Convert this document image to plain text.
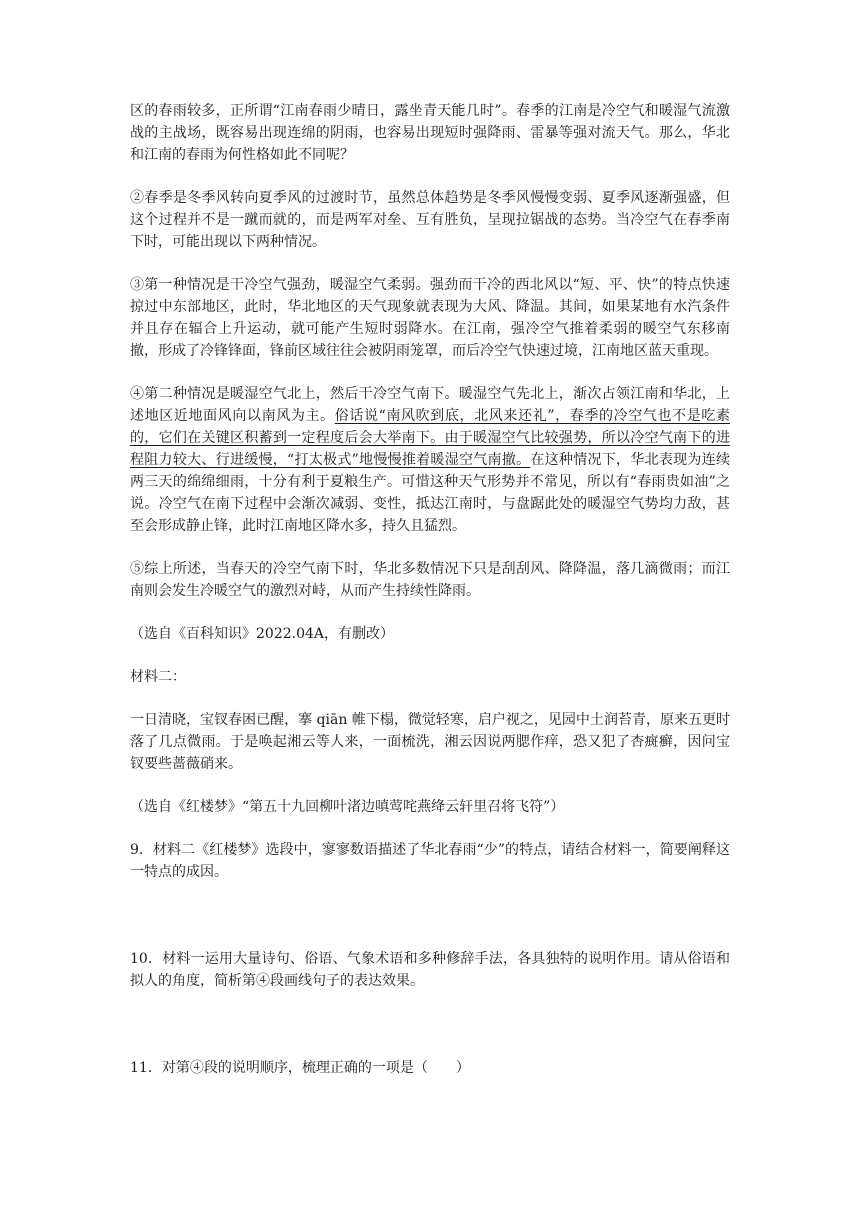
区的春雨较多，正所谓“江南春雨少晴日，露坐青天能几时”。春季的江南是冷空气和暖湿气流激战的主战场，既容易出现连绵的阴雨，也容易出现短时强降雨、雷暴等强对流天气。那么，华北和江南的春雨为何性格如此不同呢？

②春季是冬季风转向夏季风的过渡时节，虽然总体趋势是冬季风慢慢变弱、夏季风逐渐强盛，但这个过程并不是一蹴而就的，而是两军对垒、互有胜负，呈现拉锯战的态势。当冷空气在春季南下时，可能出现以下两种情况。

③第一种情况是干冷空气强劲，暖湿空气柔弱。强劲而干冷的西北风以“短、平、快”的特点快速掠过中东部地区，此时，华北地区的天气现象就表现为大风、降温。其间，如果某地有水汽条件并且存在辐合上升运动，就可能产生短时弱降水。在江南，强冷空气推着柔弱的暖空气东移南撤，形成了冷锋锋面，锋前区域往往会被阴雨笼罩，而后冷空气快速过境，江南地区蓝天重现。

④第二种情况是暖湿空气北上，然后干冷空气南下。暖湿空气先北上，渐次占领江南和华北，上述地区近地面风向以南风为主。俗话说“南风吹到底，北风来还礼”，春季的冷空气也不是吃素的，它们在关键区积蓄到一定程度后会大举南下。由于暖湿空气比较强势，所以冷空气南下的进程阻力较大、行进缓慢，“打太极式”地慢慢推着暖湿空气南撤。在这种情况下，华北表现为连续两三天的绵绵细雨，十分有利于夏粮生产。可惜这种天气形势并不常见，所以有“春雨贵如油”之说。冷空气在南下过程中会渐次减弱、变性，抵达江南时，与盘踞此处的暖湿空气势均力敌，甚至会形成静止锋，此时江南地区降水多，持久且猛烈。

⑤综上所述，当春天的冷空气南下时，华北多数情况下只是刮刮风、降降温，落几滴微雨；而江南则会发生冷暖空气的激烈对峙，从而产生持续性降雨。

（选自《百科知识》2022.04A，有删改）

材料二：

一日清晓，宝钗春困已醒，搴 qiān 帷下榻，微觉轻寒，启户视之，见园中土润苔青，原来五更时落了几点微雨。于是唤起湘云等人来，一面梳洗，湘云因说两腮作痒，恐又犯了杏癍癣，因问宝钗要些蔷薇硝来。

（选自《红楼梦》“第五十九回柳叶渚边嗔莺咤燕绛云轩里召将飞符”）

9．材料二《红楼梦》选段中，寥寥数语描述了华北春雨“少”的特点，请结合材料一，简要阐释这一特点的成因。

10．材料一运用大量诗句、俗语、气象术语和多种修辞手法，各具独特的说明作用。请从俗语和拟人的角度，简析第④段画线句子的表达效果。

11．对第④段的说明顺序，梳理正确的一项是（　　）
